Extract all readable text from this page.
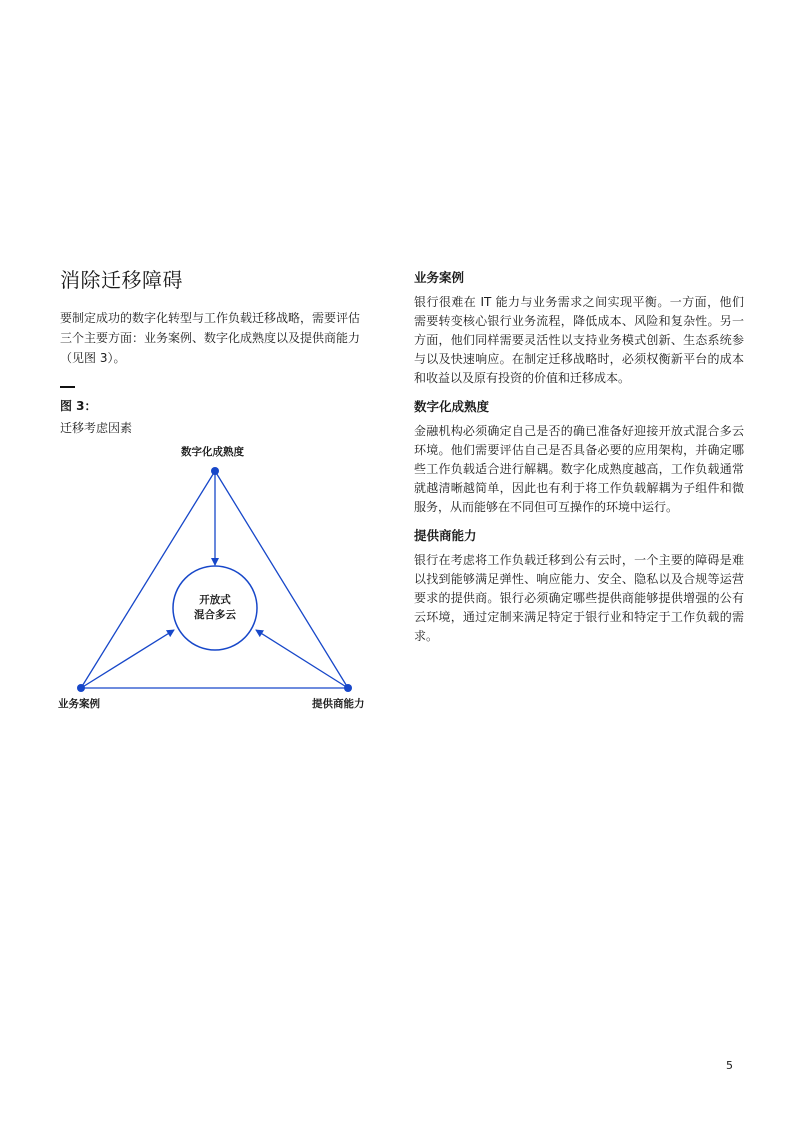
消除迁移障碍

要制定成功的数字化转型与工作负载迁移战略，需要评估三个主要方面：业务案例、数字化成熟度以及提供商能力（见图 3）。

图 3：

迁移考虑因素

数字化成熟度
业务案例	提供商能力
开放式
混合多云
业务案例

银行很难在 IT 能力与业务需求之间实现平衡。一方面，他们需要转变核心银行业务流程，降低成本、风险和复杂性。另一方面，他们同样需要灵活性以支持业务模式创新、生态系统参与以及快速响应。在制定迁移战略时，必须权衡新平台的成本和收益以及原有投资的价值和迁移成本。

数字化成熟度

金融机构必须确定自己是否的确已准备好迎接开放式混合多云环境。他们需要评估自己是否具备必要的应用架构，并确定哪些工作负载适合进行解耦。数字化成熟度越高，工作负载通常就越清晰越简单，因此也有利于将工作负载解耦为子组件和微服务，从而能够在不同但可互操作的环境中运行。

提供商能力

银行在考虑将工作负载迁移到公有云时，一个主要的障碍是难以找到能够满足弹性、响应能力、安全、隐私以及合规等运营要求的提供商。银行必须确定哪些提供商能够提供增强的公有云环境，通过定制来满足特定于银行业和特定于工作负载的需求。

5
